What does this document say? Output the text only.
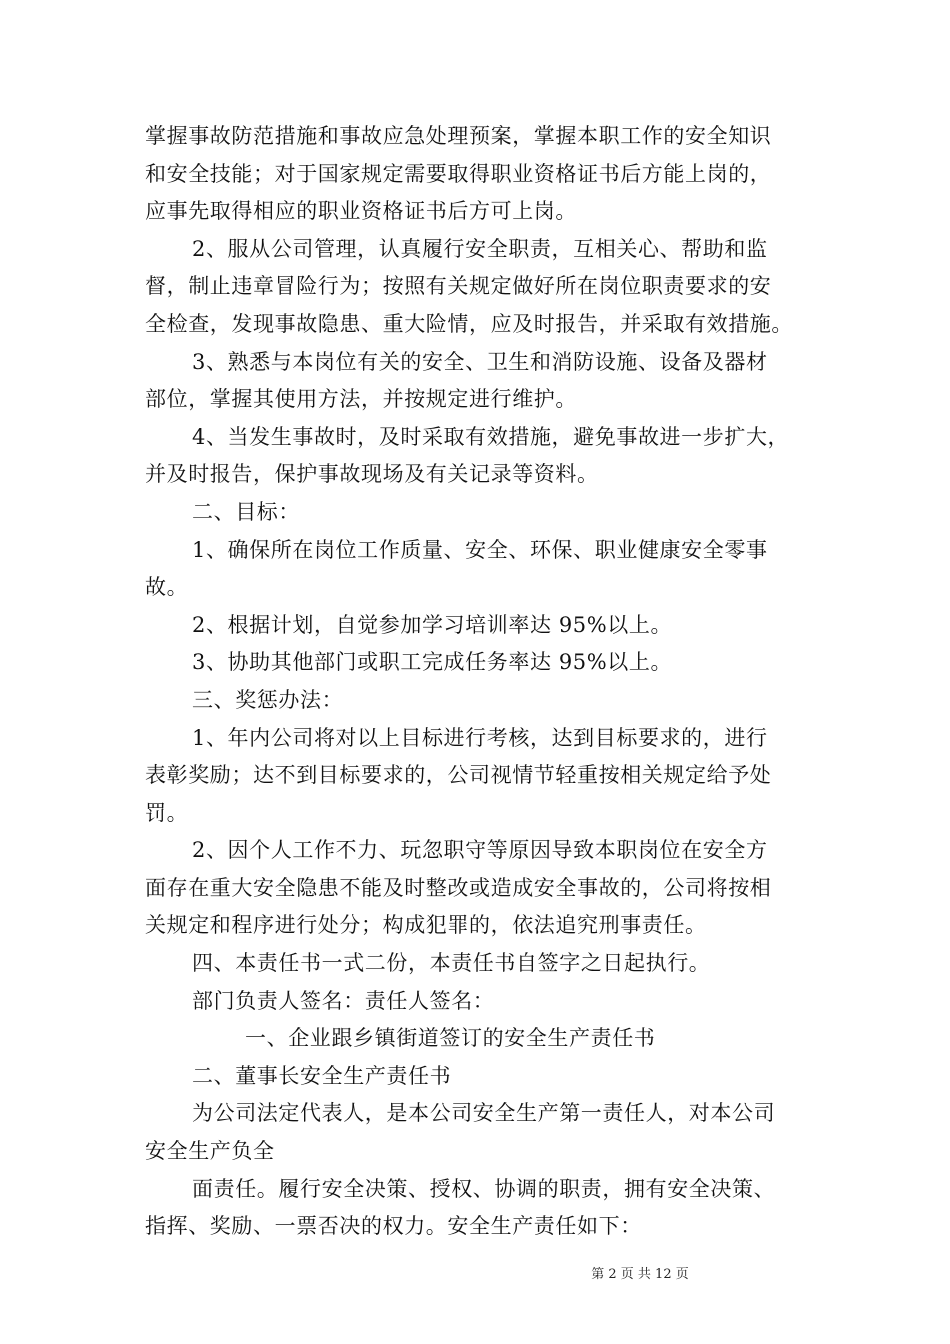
掌握事故防范措施和事故应急处理预案，掌握本职工作的安全知识
和安全技能；对于国家规定需要取得职业资格证书后方能上岗的，
应事先取得相应的职业资格证书后方可上岗。
2、服从公司管理，认真履行安全职责，互相关心、帮助和监
督，制止违章冒险行为；按照有关规定做好所在岗位职责要求的安
全检查，发现事故隐患、重大险情，应及时报告，并采取有效措施。
3、熟悉与本岗位有关的安全、卫生和消防设施、设备及器材
部位，掌握其使用方法，并按规定进行维护。
4、当发生事故时，及时采取有效措施，避免事故进一步扩大，
并及时报告，保护事故现场及有关记录等资料。
二、目标：
1、确保所在岗位工作质量、安全、环保、职业健康安全零事
故。
2、根据计划，自觉参加学习培训率达 95%以上。
3、协助其他部门或职工完成任务率达 95%以上。
三、奖惩办法：
1、年内公司将对以上目标进行考核，达到目标要求的，进行
表彰奖励；达不到目标要求的，公司视情节轻重按相关规定给予处
罚。
2、因个人工作不力、玩忽职守等原因导致本职岗位在安全方
面存在重大安全隐患不能及时整改或造成安全事故的，公司将按相
关规定和程序进行处分；构成犯罪的，依法追究刑事责任。
四、本责任书一式二份，本责任书自签字之日起执行。
部门负责人签名：责任人签名：
一、企业跟乡镇街道签订的安全生产责任书
二、董事长安全生产责任书
为公司法定代表人，是本公司安全生产第一责任人，对本公司
安全生产负全
面责任。履行安全决策、授权、协调的职责，拥有安全决策、
指挥、奖励、一票否决的权力。安全生产责任如下：
第 2 页 共 12 页
